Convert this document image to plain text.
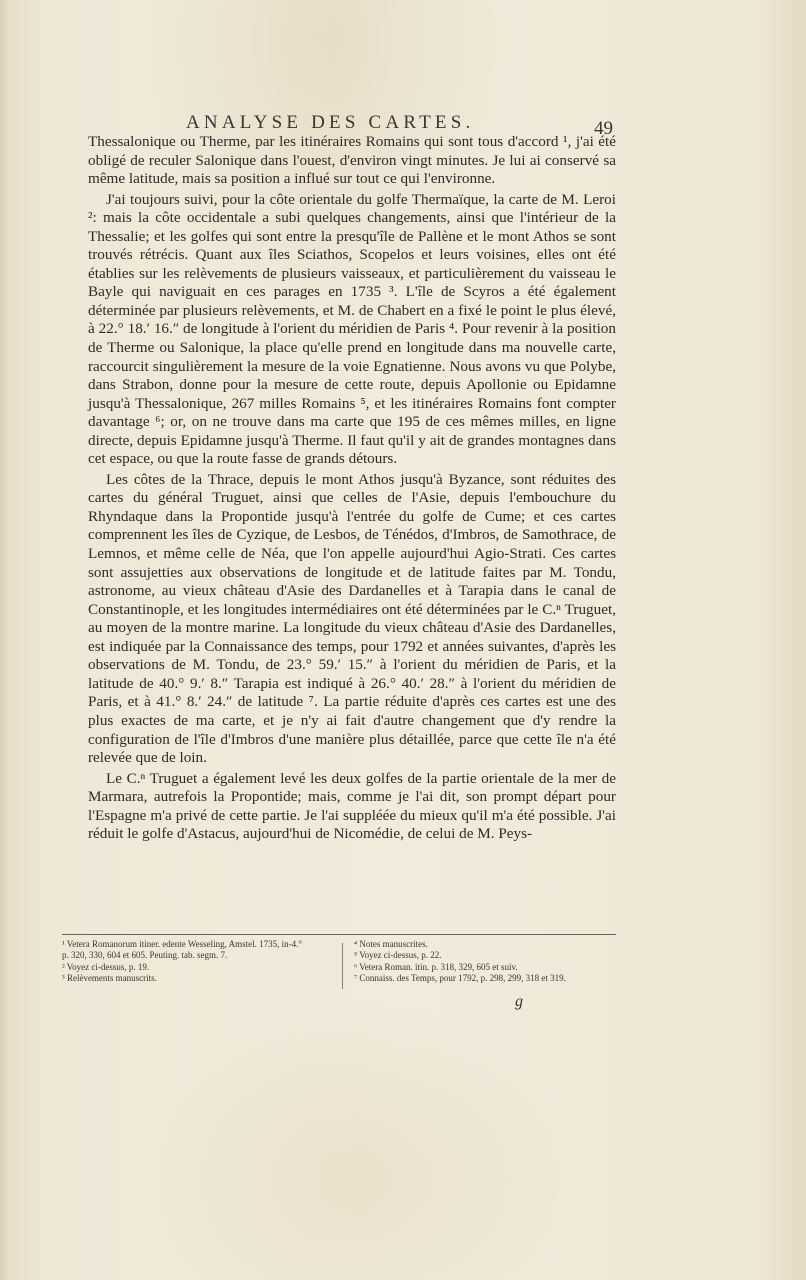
ANALYSE DES CARTES.	49

Thessalonique ou Therme, par les itinéraires Romains qui sont tous d'accord ¹, j'ai été obligé de reculer Salonique dans l'ouest, d'environ vingt minutes. Je lui ai conservé sa même latitude, mais sa position a influé sur tout ce qui l'environne.

J'ai toujours suivi, pour la côte orientale du golfe Thermaïque, la carte de M. Leroi ²: mais la côte occidentale a subi quelques changements, ainsi que l'intérieur de la Thessalie; et les golfes qui sont entre la presqu'île de Pallène et le mont Athos se sont trouvés rétrécis. Quant aux îles Sciathos, Scopelos et leurs voisines, elles ont été établies sur les relèvements de plusieurs vaisseaux, et particulièrement du vaisseau le Bayle qui naviguait en ces parages en 1735 ³. L'île de Scyros a été également déterminée par plusieurs relèvements, et M. de Chabert en a fixé le point le plus élevé, à 22.° 18.′ 16.″ de longitude à l'orient du méridien de Paris ⁴. Pour revenir à la position de Therme ou Salonique, la place qu'elle prend en longitude dans ma nouvelle carte, raccourcit singulièrement la mesure de la voie Egnatienne. Nous avons vu que Polybe, dans Strabon, donne pour la mesure de cette route, depuis Apollonie ou Epidamne jusqu'à Thessalonique, 267 milles Romains ⁵, et les itinéraires Romains font compter davantage ⁶; or, on ne trouve dans ma carte que 195 de ces mêmes milles, en ligne directe, depuis Epidamne jusqu'à Therme. Il faut qu'il y ait de grandes montagnes dans cet espace, ou que la route fasse de grands détours.

Les côtes de la Thrace, depuis le mont Athos jusqu'à Byzance, sont réduites des cartes du général Truguet, ainsi que celles de l'Asie, depuis l'embouchure du Rhyndaque dans la Propontide jusqu'à l'entrée du golfe de Cume; et ces cartes comprennent les îles de Cyzique, de Lesbos, de Ténédos, d'Imbros, de Samothrace, de Lemnos, et même celle de Néa, que l'on appelle aujourd'hui Agio-Strati. Ces cartes sont assujetties aux observations de longitude et de latitude faites par M. Tondu, astronome, au vieux château d'Asie des Dardanelles et à Tarapia dans le canal de Constantinople, et les longitudes intermédiaires ont été déterminées par le C.ⁿ Truguet, au moyen de la montre marine. La longitude du vieux château d'Asie des Dardanelles, est indiquée par la Connaissance des temps, pour 1792 et années suivantes, d'après les observations de M. Tondu, de 23.° 59.′ 15.″ à l'orient du méridien de Paris, et la latitude de 40.° 9.′ 8.″ Tarapia est indiqué à 26.° 40.′ 28.″ à l'orient du méridien de Paris, et à 41.° 8.′ 24.″ de latitude ⁷. La partie réduite d'après ces cartes est une des plus exactes de ma carte, et je n'y ai fait d'autre changement que d'y rendre la configuration de l'île d'Imbros d'une manière plus détaillée, parce que cette île n'a été relevée que de loin.

Le C.ⁿ Truguet a également levé les deux golfes de la partie orientale de la mer de Marmara, autrefois la Propontide; mais, comme je l'ai dit, son prompt départ pour l'Espagne m'a privé de cette partie. Je l'ai suppléée du mieux qu'il m'a été possible. J'ai réduit le golfe d'Astacus, aujourd'hui de Nicomédie, de celui de M. Peys-

¹ Vetera Romanorum itiner. edente Wesseling, Amstel. 1735, in-4.°
p. 320, 330, 604 et 605. Peuting. tab. segm. 7.
² Voyez ci-dessus, p. 19.
³ Relèvements manuscrits.
⁴ Notes manuscrites.
⁵ Voyez ci-dessus, p. 22.
⁶ Vetera Roman. itin. p. 318, 329, 605 et suiv.
⁷ Connaiss. des Temps, pour 1792, p. 298, 299, 318 et 319.
g
